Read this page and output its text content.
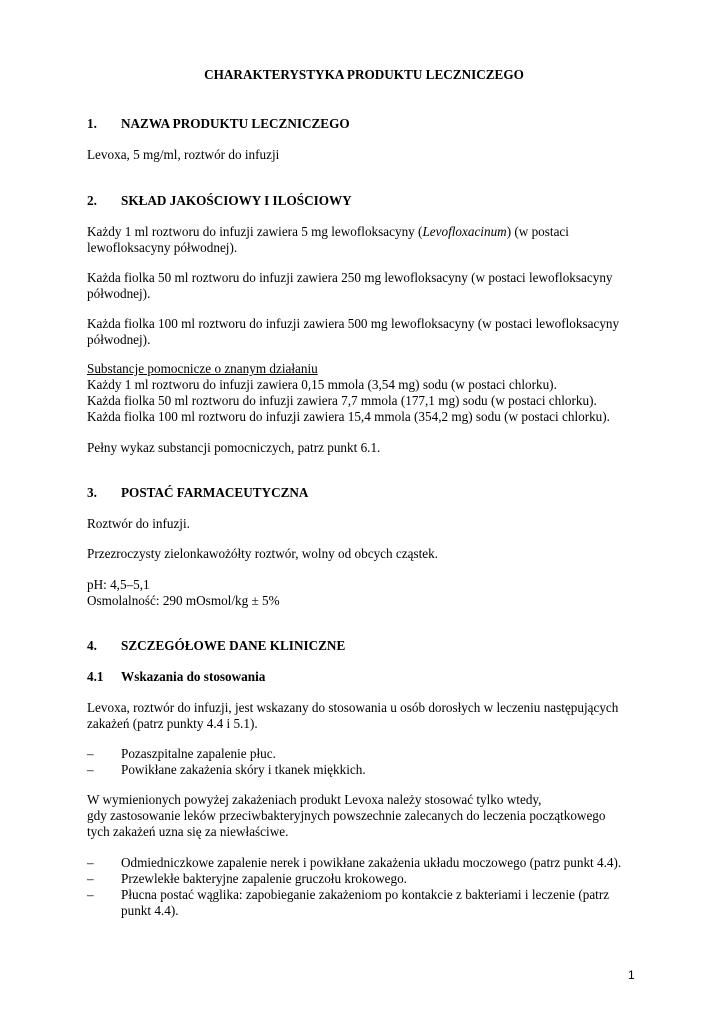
CHARAKTERYSTYKA PRODUKTU LECZNICZEGO
1. NAZWA PRODUKTU LECZNICZEGO
Levoxa, 5 mg/ml, roztwór do infuzji
2. SKŁAD JAKOŚCIOWY I ILOŚCIOWY
Każdy 1 ml roztworu do infuzji zawiera 5 mg lewofloksacyny (Levofloxacinum) (w postaci
lewofloksacyny półwodnej).
Każda fiolka 50 ml roztworu do infuzji zawiera 250 mg lewofloksacyny (w postaci lewofloksacyny
półwodnej).
Każda fiolka 100 ml roztworu do infuzji zawiera 500 mg lewofloksacyny (w postaci lewofloksacyny
półwodnej).
Substancje pomocnicze o znanym działaniu
Każdy 1 ml roztworu do infuzji zawiera 0,15 mmola (3,54 mg) sodu (w postaci chlorku).
Każda fiolka 50 ml roztworu do infuzji zawiera 7,7 mmola (177,1 mg) sodu (w postaci chlorku).
Każda fiolka 100 ml roztworu do infuzji zawiera 15,4 mmola (354,2 mg) sodu (w postaci chlorku).
Pełny wykaz substancji pomocniczych, patrz punkt 6.1.
3. POSTAĆ FARMACEUTYCZNA
Roztwór do infuzji.
Przezroczysty zielonkawożółty roztwór, wolny od obcych cząstek.
pH: 4,5–5,1
Osmolalność: 290 mOsmol/kg ± 5%
4. SZCZEGÓŁOWE DANE KLINICZNE
4.1 Wskazania do stosowania
Levoxa, roztwór do infuzji, jest wskazany do stosowania u osób dorosłych w leczeniu następujących
zakażeń (patrz punkty 4.4 i 5.1).
– Pozaszpitalne zapalenie płuc.
– Powikłane zakażenia skóry i tkanek miękkich.
W wymienionych powyżej zakażeniach produkt Levoxa należy stosować tylko wtedy,
gdy zastosowanie leków przeciwbakteryjnych powszechnie zalecanych do leczenia początkowego
tych zakażeń uzna się za niewłaściwe.
– Odmiedniczkowe zapalenie nerek i powikłane zakażenia układu moczowego (patrz punkt 4.4).
– Przewlekłe bakteryjne zapalenie gruczołu krokowego.
– Płucna postać wąglika: zapobieganie zakażeniom po kontakcie z bakteriami i leczenie (patrz
punkt 4.4).
1
